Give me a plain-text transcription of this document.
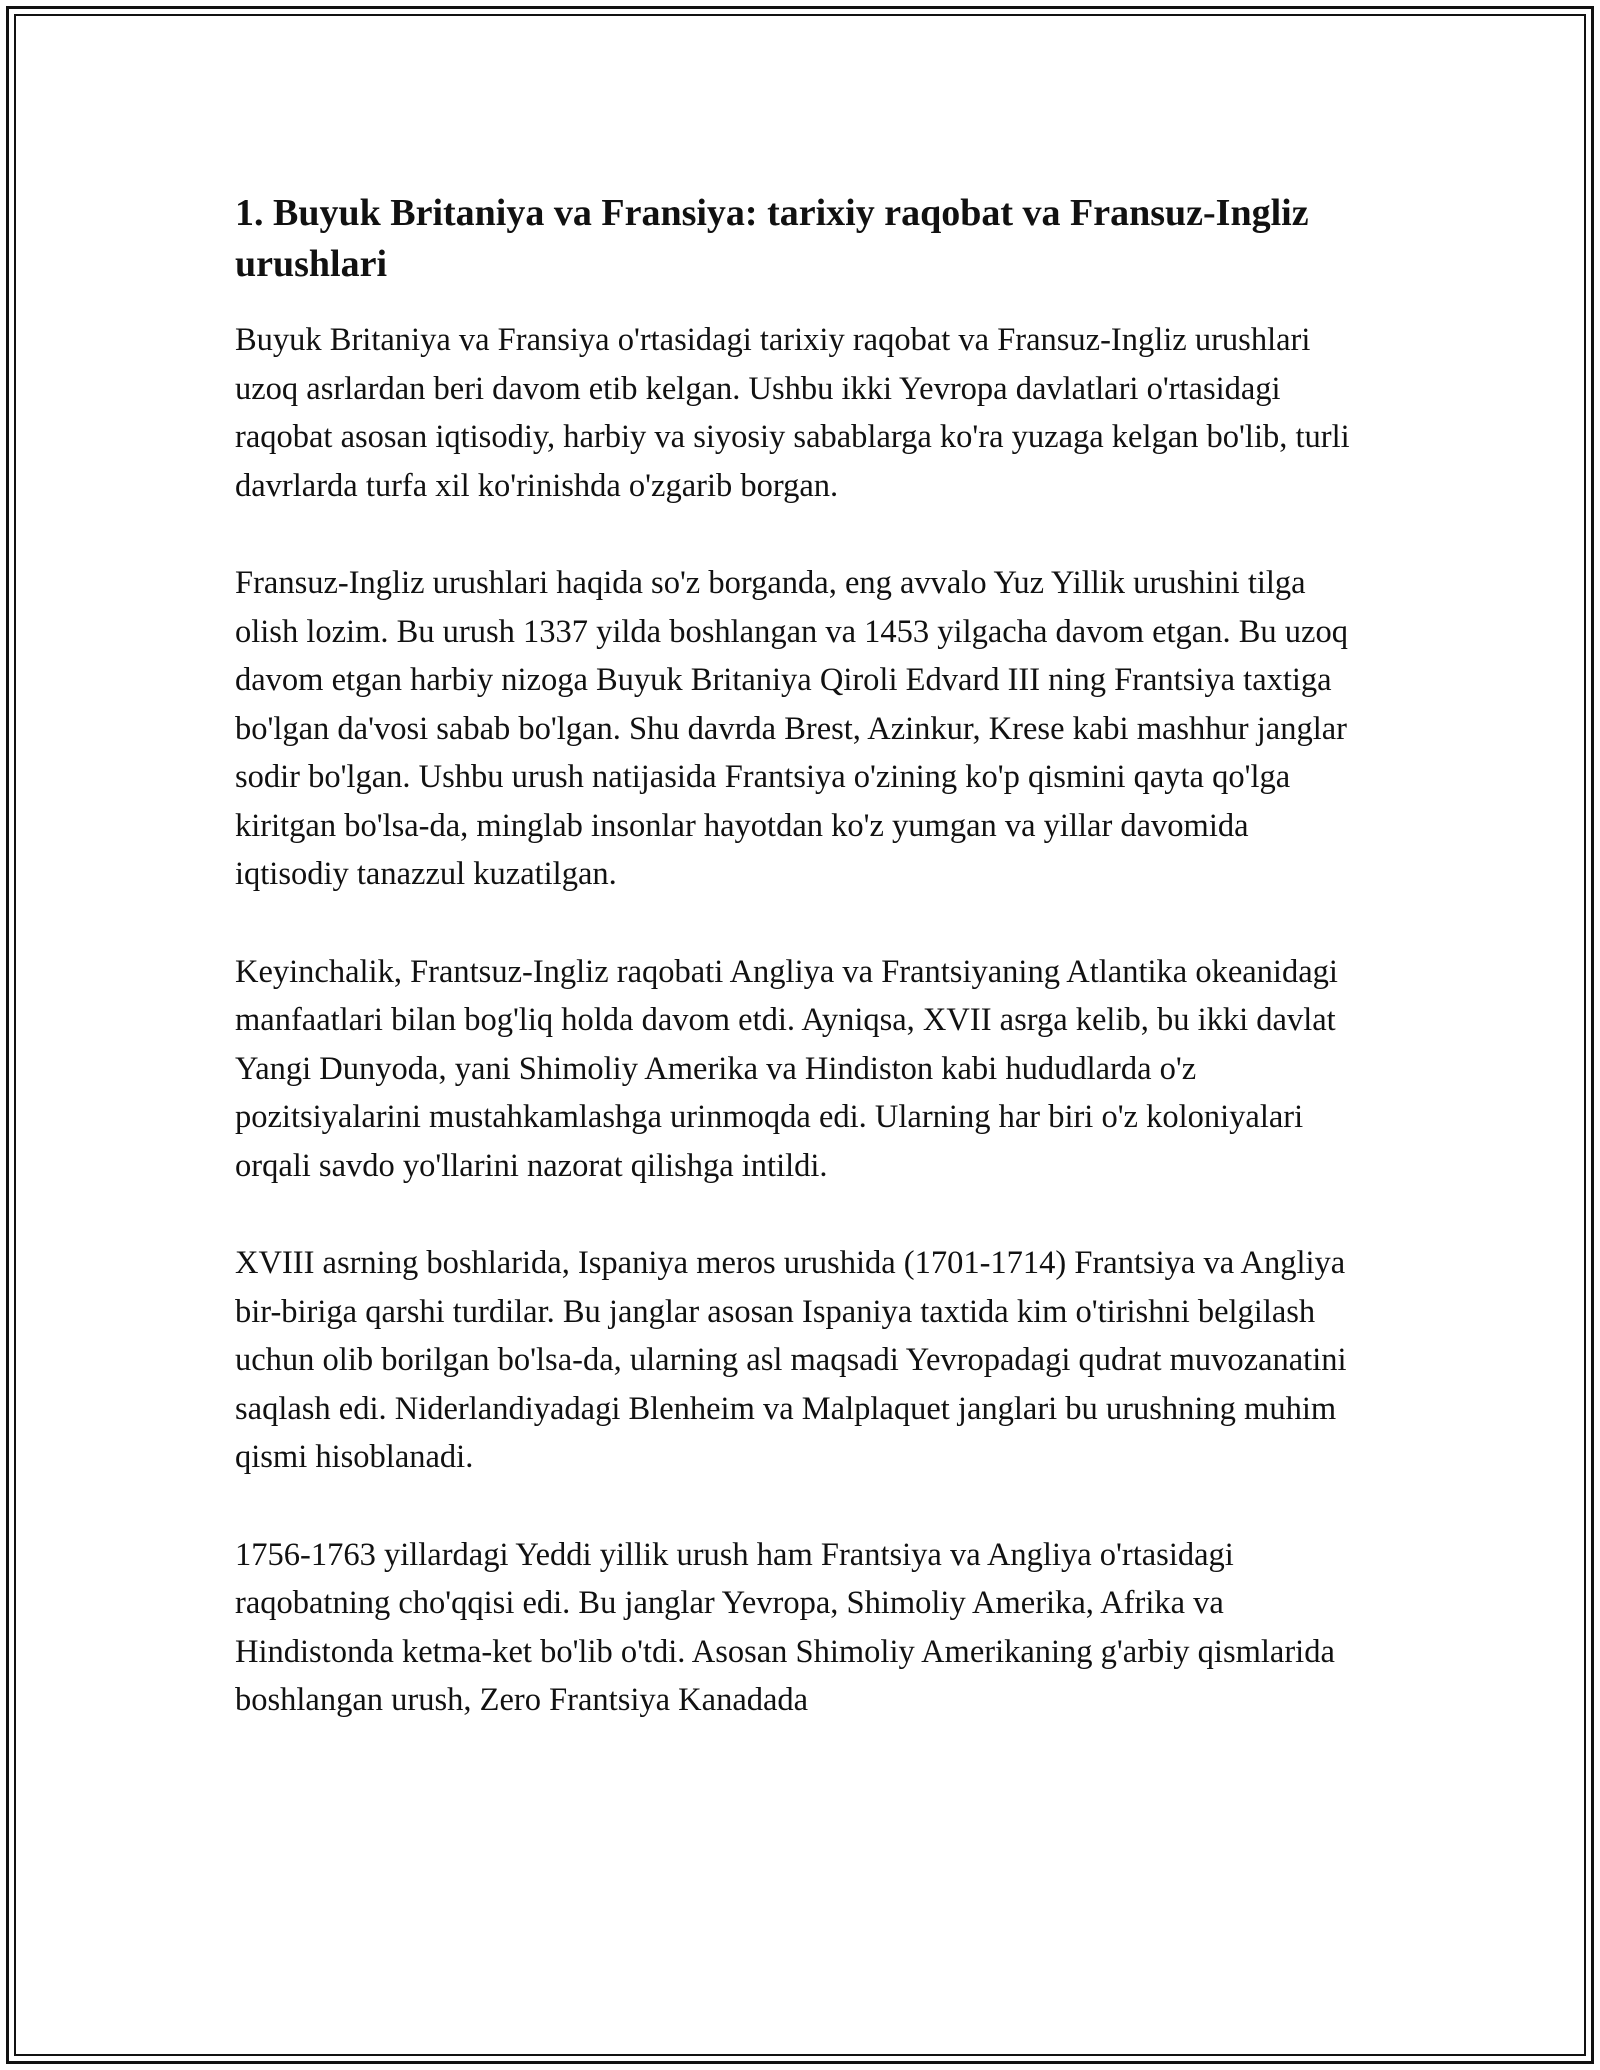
1. Buyuk Britaniya va Fransiya: tarixiy raqobat va Fransuz-Ingliz urushlari

Buyuk Britaniya va Fransiya o'rtasidagi tarixiy raqobat va Fransuz-Ingliz urushlari uzoq asrlardan beri davom etib kelgan. Ushbu ikki Yevropa davlatlari o'rtasidagi raqobat asosan iqtisodiy, harbiy va siyosiy sabablarga ko'ra yuzaga kelgan bo'lib, turli davrlarda turfa xil ko'rinishda o'zgarib borgan.

Fransuz-Ingliz urushlari haqida so'z borganda, eng avvalo Yuz Yillik urushini tilga olish lozim. Bu urush 1337 yilda boshlangan va 1453 yilgacha davom etgan. Bu uzoq davom etgan harbiy nizoga Buyuk Britaniya Qiroli Edvard III ning Frantsiya taxtiga bo'lgan da'vosi sabab bo'lgan. Shu davrda Brest, Azinkur, Krese kabi mashhur janglar sodir bo'lgan. Ushbu urush natijasida Frantsiya o'zining ko'p qismini qayta qo'lga kiritgan bo'lsa-da, minglab insonlar hayotdan ko'z yumgan va yillar davomida iqtisodiy tanazzul kuzatilgan.

Keyinchalik, Frantsuz-Ingliz raqobati Angliya va Frantsiyaning Atlantika okeanidagi manfaatlari bilan bog'liq holda davom etdi. Ayniqsa, XVII asrga kelib, bu ikki davlat Yangi Dunyoda, yani Shimoliy Amerika va Hindiston kabi hududlarda o'z pozitsiyalarini mustahkamlashga urinmoqda edi. Ularning har biri o'z koloniyalari orqali savdo yo'llarini nazorat qilishga intildi.

XVIII asrning boshlarida, Ispaniya meros urushida (1701-1714) Frantsiya va Angliya bir-biriga qarshi turdilar. Bu janglar asosan Ispaniya taxtida kim o'tirishni belgilash uchun olib borilgan bo'lsa-da, ularning asl maqsadi Yevropadagi qudrat muvozanatini saqlash edi. Niderlandiyadagi Blenheim va Malplaquet janglari bu urushning muhim qismi hisoblanadi.

1756-1763 yillardagi Yeddi yillik urush ham Frantsiya va Angliya o'rtasidagi raqobatning cho'qqisi edi. Bu janglar Yevropa, Shimoliy Amerika, Afrika va Hindistonda ketma-ket bo'lib o'tdi. Asosan Shimoliy Amerikaning g'arbiy qismlarida boshlangan urush, Zero Frantsiya Kanadada
